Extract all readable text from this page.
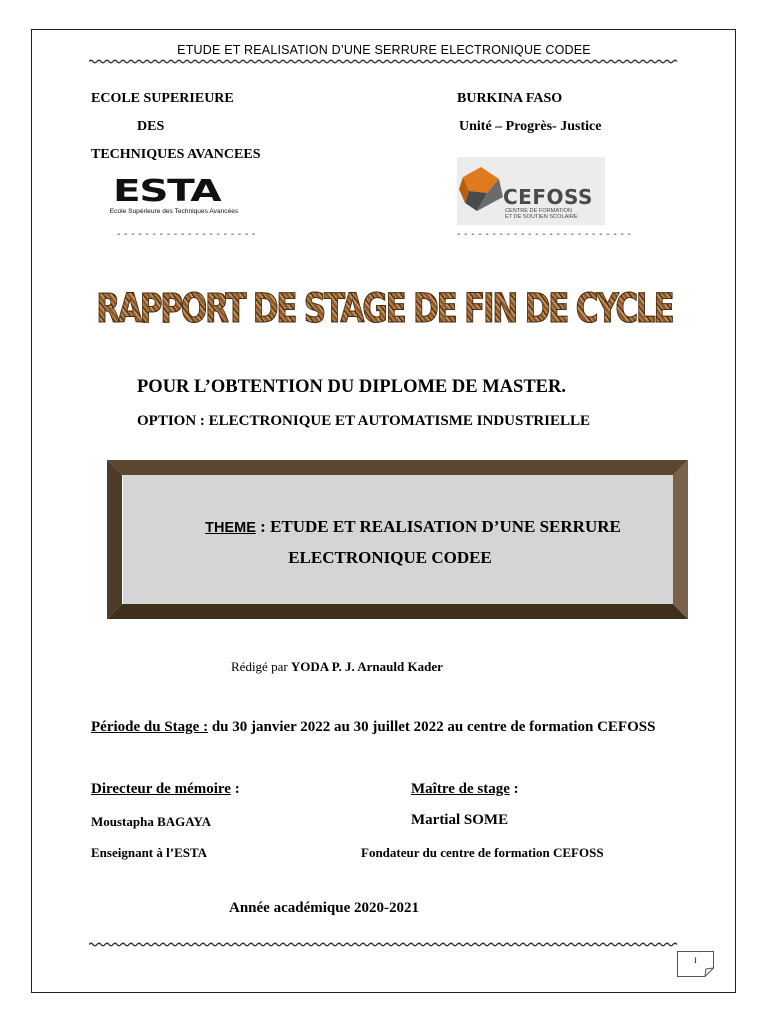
ETUDE ET REALISATION D’UNE SERRURE ELECTRONIQUE CODEE
ECOLE SUPERIEURE
DES
TECHNIQUES AVANCEES
ESTA
Ecole Supérieure des Techniques Avancées
- - - - - - - - - - - - - - - - - - - -
BURKINA FASO
Unité – Progrès- Justice
CEFOSS
CENTRE DE FORMATION
ET DE SOUTIEN SCOLAIRE
- - - - - - - - - - - - - - - - - - - - - - - - -
RAPPORT DE STAGE DE FIN DE CYCLE
POUR L’OBTENTION DU DIPLOME DE MASTER.
OPTION : ELECTRONIQUE ET AUTOMATISME INDUSTRIELLE
THEME : ETUDE ET REALISATION D’UNE SERRURE
ELECTRONIQUE CODEE
Rédigé par YODA P. J. Arnauld Kader
Période du Stage : du 30 janvier 2022 au 30 juillet 2022 au centre de formation CEFOSS
Directeur de mémoire :	Maître de stage :
Moustapha BAGAYA	Martial SOME
Enseignant à l’ESTA	Fondateur du centre de formation CEFOSS
Année académique 2020-2021
I
